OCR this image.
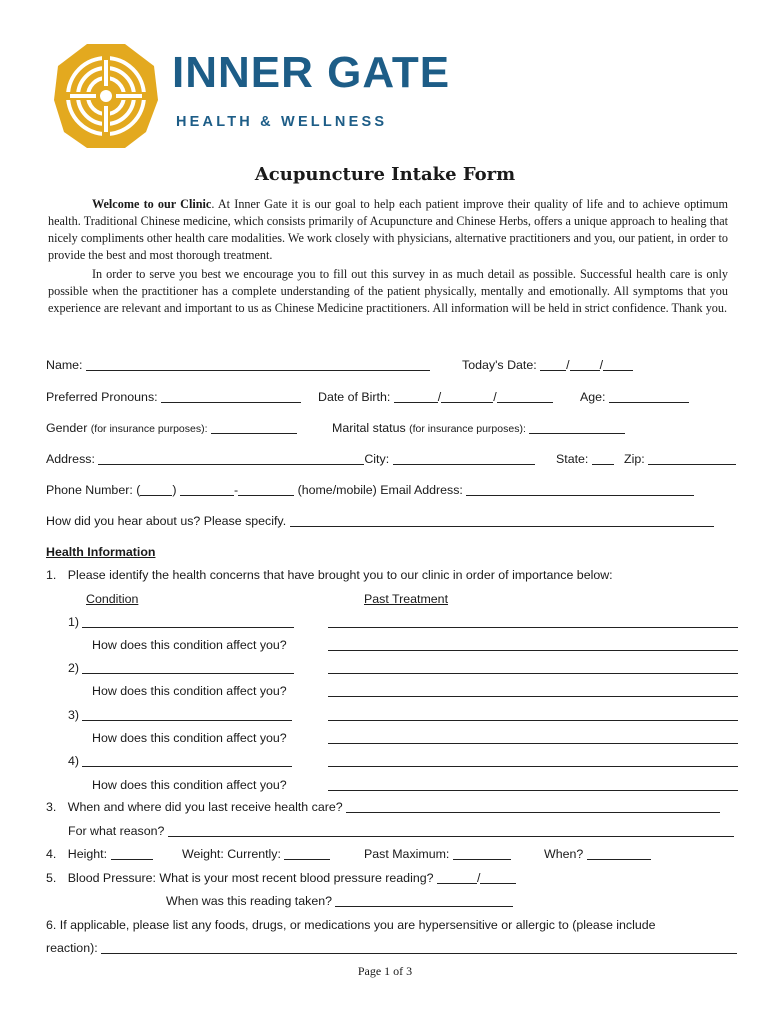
INNER GATE
HEALTH & WELLNESS
Acupuncture Intake Form

Welcome to our Clinic. At Inner Gate it is our goal to help each patient improve their quality of life and to achieve optimum health. Traditional Chinese medicine, which consists primarily of Acupuncture and Chinese Herbs, offers a unique approach to healing that nicely compliments other health care modalities. We work closely with physicians, alternative practitioners and you, our patient, in order to provide the best and most thorough treatment.

In order to serve you best we encourage you to fill out this survey in as much detail as possible. Successful health care is only possible when the practitioner has a complete understanding of the patient physically, mentally and emotionally. All symptoms that you experience are relevant and important to us as Chinese Medicine practitioners. All information will be held in strict confidence. Thank you.

Name:	Today's Date: / /
Preferred Pronouns:	Date of Birth:	/	/	Age:
Gender (for insurance purposes):	Marital status (for insurance purposes):
Address:	City:	State:	Zip:
Phone Number: (	)	-	(home/mobile) Email Address:
How did you hear about us? Please specify.
Health Information
1. Please identify the health concerns that have brought you to our clinic in order of importance below:
Condition	Past Treatment
1)
How does this condition affect you?
2)
How does this condition affect you?
3)
How does this condition affect you?
4)
How does this condition affect you?
3. When and where did you last receive health care?
For what reason?
4. Height:	Weight: Currently:	Past Maximum:	When?
5. Blood Pressure: What is your most recent blood pressure reading?	/
When was this reading taken?
6. If applicable, please list any foods, drugs, or medications you are hypersensitive or allergic to (please include
reaction):
Page 1 of 3
